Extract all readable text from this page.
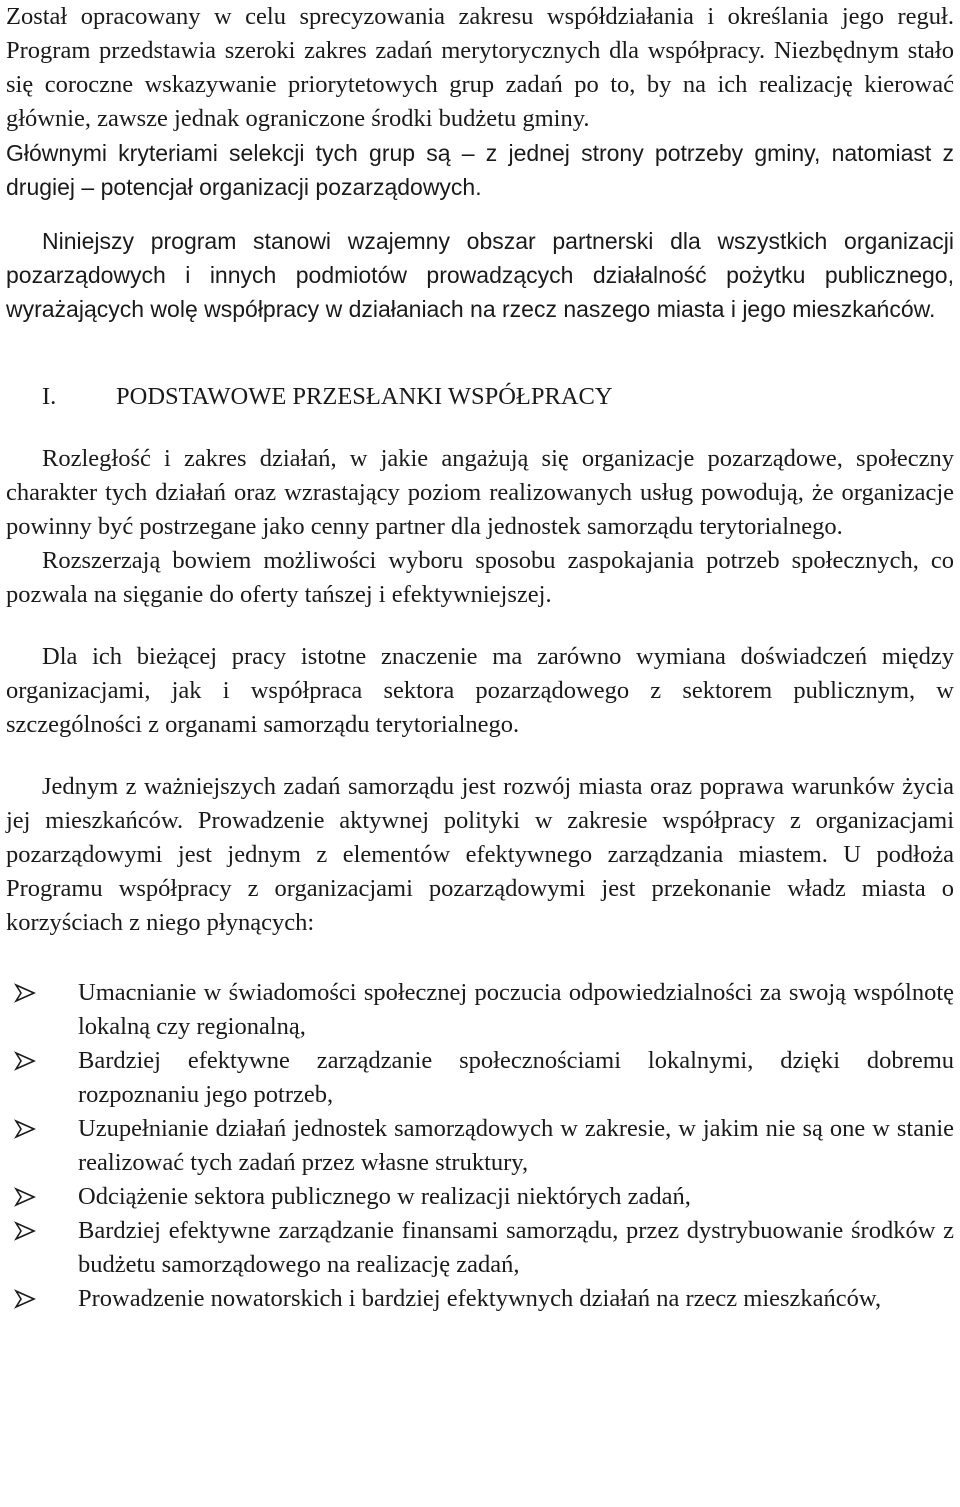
Został opracowany w celu sprecyzowania zakresu współdziałania i określania jego reguł. Program przedstawia szeroki zakres zadań merytorycznych dla współpracy. Niezbędnym stało się coroczne wskazywanie priorytetowych grup zadań po to, by na ich realizację kierować głównie, zawsze jednak ograniczone środki budżetu gminy.

Głównymi kryteriami selekcji tych grup są – z jednej strony potrzeby gminy, natomiast z drugiej – potencjał organizacji pozarządowych.

Niniejszy program stanowi wzajemny obszar partnerski dla wszystkich organizacji pozarządowych i innych podmiotów prowadzących działalność pożytku publicznego, wyrażających wolę współpracy w działaniach na rzecz naszego miasta i jego mieszkańców.

I.	PODSTAWOWE PRZESŁANKI WSPÓŁPRACY

Rozległość i zakres działań, w jakie angażują się organizacje pozarządowe, społeczny charakter tych działań oraz wzrastający poziom realizowanych usług powodują, że organizacje powinny być postrzegane jako cenny partner dla jednostek samorządu terytorialnego.

Rozszerzają bowiem możliwości wyboru sposobu zaspokajania potrzeb społecznych, co pozwala na sięganie do oferty tańszej i efektywniejszej.

Dla ich bieżącej pracy istotne znaczenie ma zarówno wymiana doświadczeń między organizacjami, jak i współpraca sektora pozarządowego z sektorem publicznym, w szczególności z organami samorządu terytorialnego.

Jednym z ważniejszych zadań samorządu jest rozwój miasta oraz poprawa warunków życia jej mieszkańców. Prowadzenie aktywnej polityki w zakresie współpracy z organizacjami pozarządowymi jest jednym z elementów efektywnego zarządzania miastem. U podłoża Programu współpracy z organizacjami pozarządowymi jest przekonanie władz miasta o korzyściach z niego płynących:

Umacnianie w świadomości społecznej poczucia odpowiedzialności za swoją wspólnotę lokalną czy regionalną,
Bardziej efektywne zarządzanie społecznościami lokalnymi, dzięki dobremu rozpoznaniu jego potrzeb,
Uzupełnianie działań jednostek samorządowych w zakresie, w jakim nie są one w stanie realizować tych zadań przez własne struktury,
Odciążenie sektora publicznego w realizacji niektórych zadań,
Bardziej efektywne zarządzanie finansami samorządu, przez dystrybuowanie środków z budżetu samorządowego na realizację zadań,
Prowadzenie nowatorskich i bardziej efektywnych działań na rzecz mieszkańców,
